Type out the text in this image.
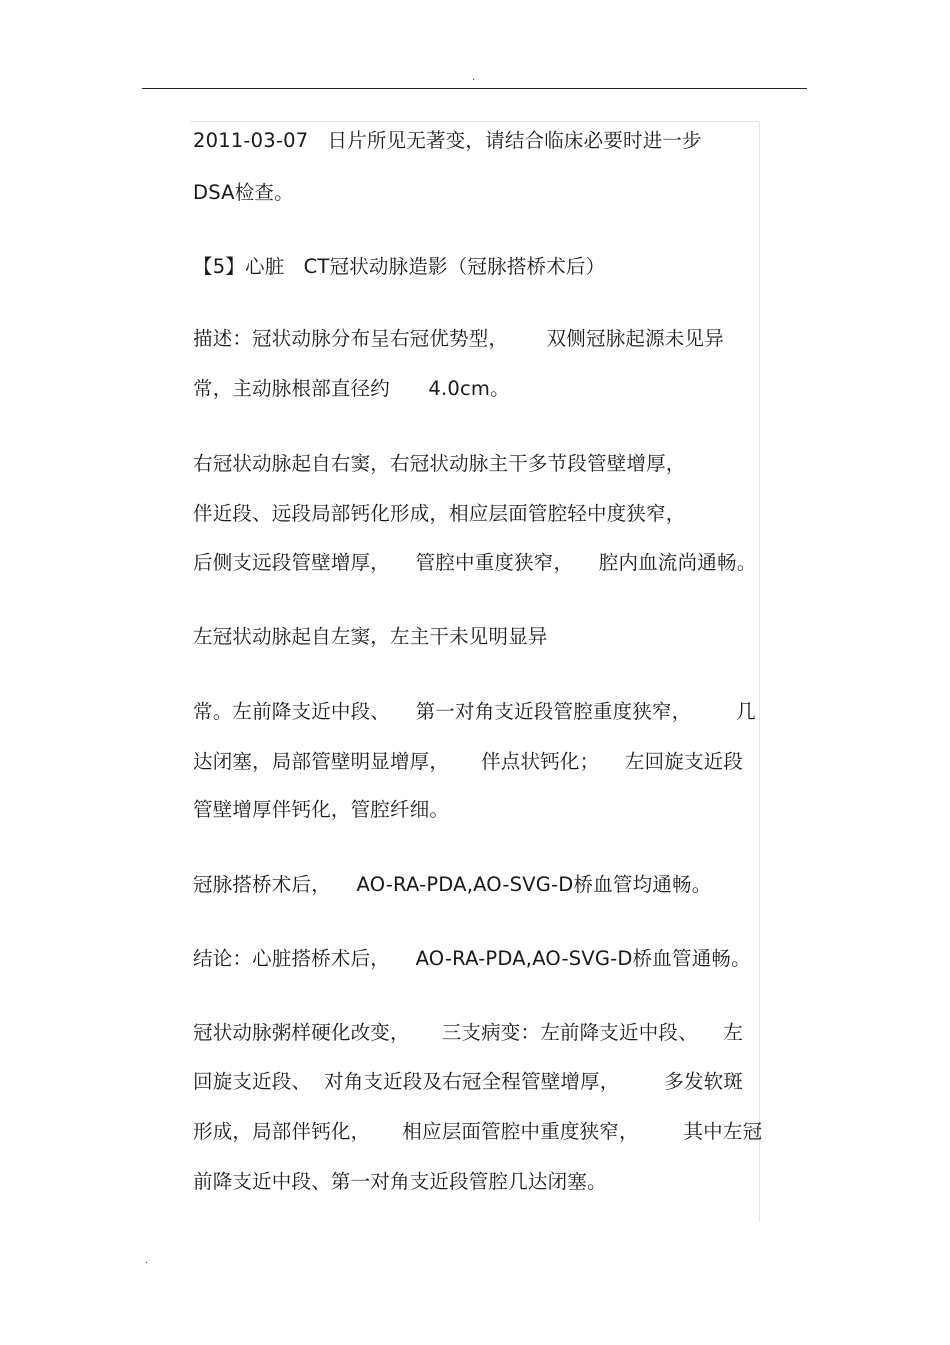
.
2011-03-07   日片所见无著变，请结合临床必要时进一步
DSA检查。
【5】心脏   CT冠状动脉造影（冠脉搭桥术后）
描述：冠状动脉分布呈右冠优势型，      双侧冠脉起源未见异
常，主动脉根部直径约      4.0cm。
右冠状动脉起自右窦，右冠状动脉主干多节段管壁增厚，
伴近段、远段局部钙化形成，相应层面管腔轻中度狭窄，
后侧支远段管壁增厚，    管腔中重度狭窄，    腔内血流尚通畅。
左冠状动脉起自左窦，左主干未见明显异
常。左前降支近中段、    第一对角支近段管腔重度狭窄，       几
达闭塞，局部管壁明显增厚，     伴点状钙化；    左回旋支近段
管壁增厚伴钙化，管腔纤细。
冠脉搭桥术后，    AO-RA-PDA,AO-SVG-D桥血管均通畅。
结论：心脏搭桥术后，    AO-RA-PDA,AO-SVG-D桥血管通畅。
冠状动脉粥样硬化改变，     三支病变：左前降支近中段、    左
回旋支近段、  对角支近段及右冠全程管壁增厚，       多发软斑
形成，局部伴钙化，     相应层面管腔中重度狭窄，       其中左冠
前降支近中段、第一对角支近段管腔几达闭塞。
.
